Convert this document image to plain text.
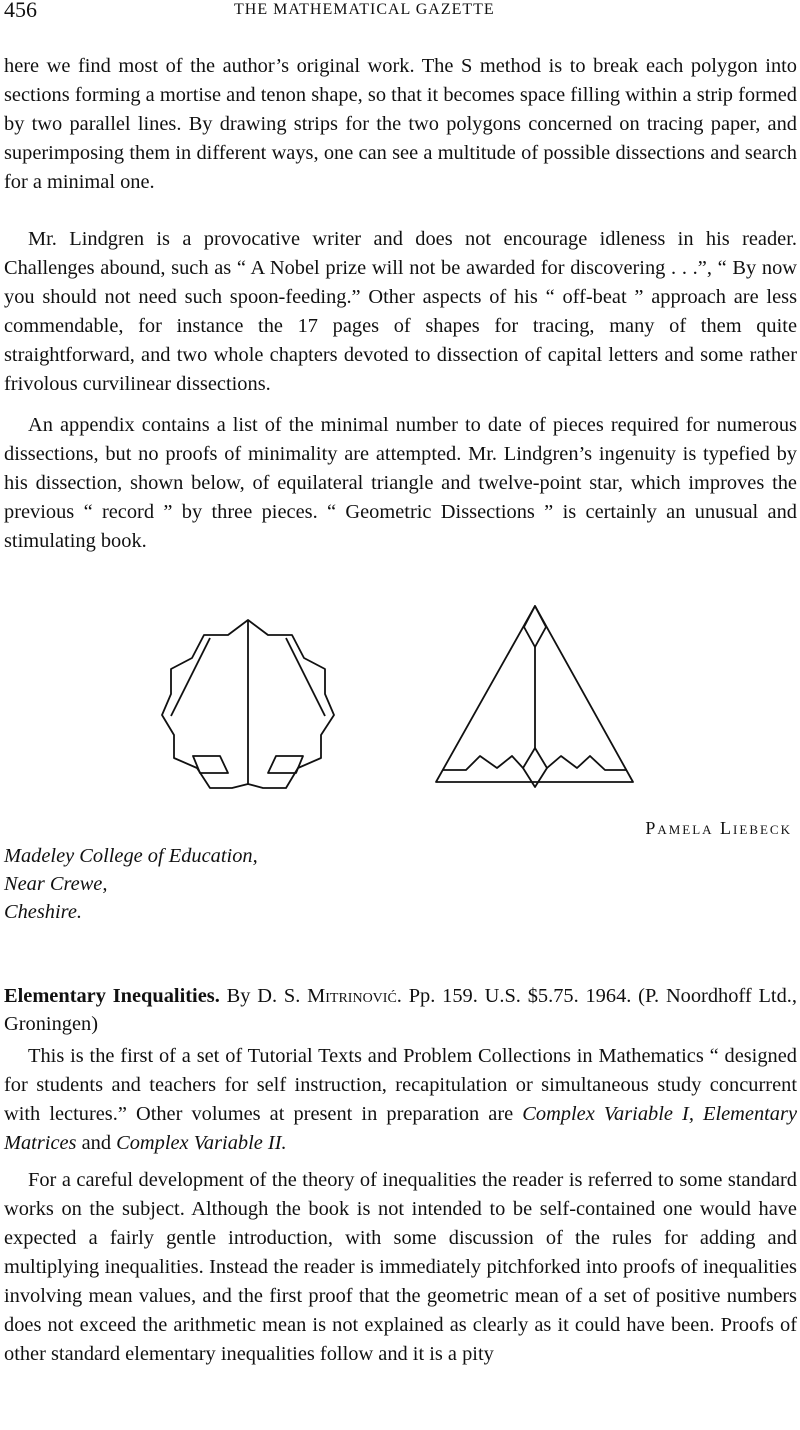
456	THE MATHEMATICAL GAZETTE

here we find most of the author’s original work. The S method is to break each polygon into sections forming a mortise and tenon shape, so that it becomes space filling within a strip formed by two parallel lines. By drawing strips for the two polygons concerned on tracing paper, and superimposing them in different ways, one can see a multitude of possible dissections and search for a minimal one.

Mr. Lindgren is a provocative writer and does not encourage idleness in his reader. Challenges abound, such as “ A Nobel prize will not be awarded for discovering . . .”, “ By now you should not need such spoon-feeding.” Other aspects of his “ off-beat ” approach are less commendable, for instance the 17 pages of shapes for tracing, many of them quite straightforward, and two whole chapters devoted to dissection of capital letters and some rather frivolous curvilinear dissections.

An appendix contains a list of the minimal number to date of pieces required for numerous dissections, but no proofs of minimality are attempted. Mr. Lindgren’s ingenuity is typefied by his dissection, shown below, of equilateral triangle and twelve-point star, which improves the previous “ record ” by three pieces. “ Geometric Dissections ” is certainly an unusual and stimulating book.

Pamela Liebeck
Madeley College of Education,
Near Crewe,
Cheshire.

Elementary Inequalities. By D. S. Mitrinović. Pp. 159. U.S. $5.75. 1964. (P. Noordhoff Ltd., Groningen)

This is the first of a set of Tutorial Texts and Problem Collections in Mathematics “ designed for students and teachers for self instruction, recapitulation or simultaneous study concurrent with lectures.” Other volumes at present in preparation are Complex Variable I, Elementary Matrices and Complex Variable II.

For a careful development of the theory of inequalities the reader is referred to some standard works on the subject. Although the book is not intended to be self-contained one would have expected a fairly gentle introduction, with some discussion of the rules for adding and multiplying inequalities. Instead the reader is immediately pitchforked into proofs of inequalities involving mean values, and the first proof that the geometric mean of a set of positive numbers does not exceed the arithmetic mean is not explained as clearly as it could have been. Proofs of other standard elementary inequalities follow and it is a pity
